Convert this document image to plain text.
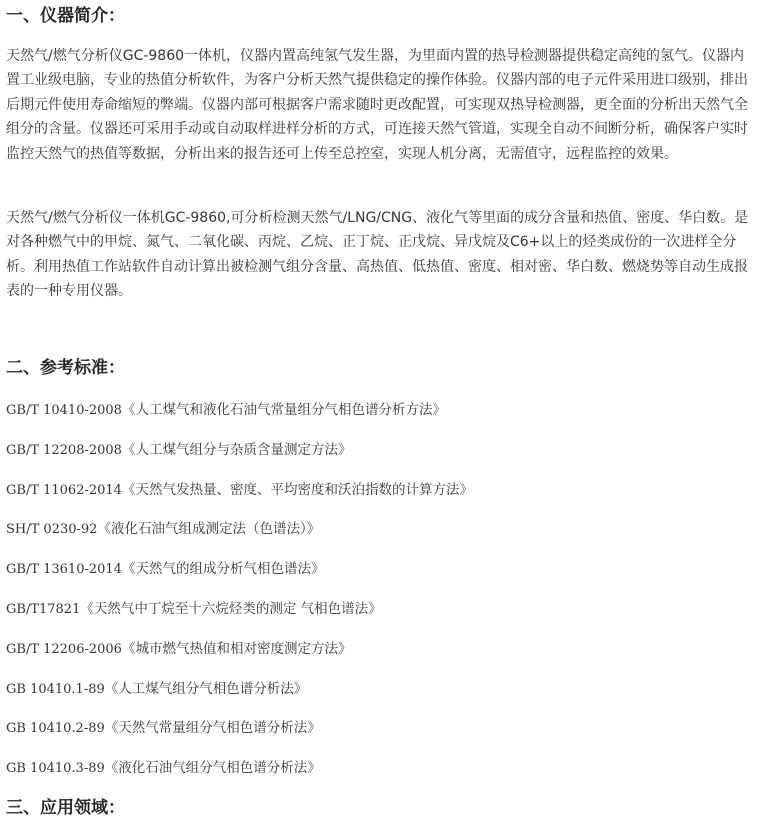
一、仪器简介：

天然气/燃气分析仪GC-9860一体机，仪器内置高纯氢气发生器，为里面内置的热导检测器提供稳定高纯的氢气。仪器内置工业级电脑，专业的热值分析软件，为客户分析天然气提供稳定的操作体验。仪器内部的电子元件采用进口级别，排出后期元件使用寿命缩短的弊端。仪器内部可根据客户需求随时更改配置，可实现双热导检测器，更全面的分析出天然气全组分的含量。仪器还可采用手动或自动取样进样分析的方式，可连接天然气管道，实现全自动不间断分析，确保客户实时监控天然气的热值等数据，分析出来的报告还可上传至总控室，实现人机分离，无需值守，远程监控的效果。

天然气/燃气分析仪一体机GC-9860,可分析检测天然气/LNG/CNG、液化气等里面的成分含量和热值、密度、华白数。是对各种燃气中的甲烷、氮气、二氧化碳、丙烷、乙烷、正丁烷、正戊烷、异戊烷及C6+以上的烃类成份的一次进样全分析。利用热值工作站软件自动计算出被检测气组分含量、高热值、低热值、密度、相对密、华白数、燃烧势等自动生成报表的一种专用仪器。

二、参考标准：
GB/T 10410-2008《人工煤气和液化石油气常量组分气相色谱分析方法》
GB/T 12208-2008《人工煤气组分与杂质含量测定方法》
GB/T 11062-2014《天然气发热量、密度、平均密度和沃泊指数的计算方法》
SH/T 0230-92《液化石油气组成测定法（色谱法）》
GB/T 13610-2014《天然气的组成分析气相色谱法》
GB/T17821《天然气中丁烷至十六烷烃类的测定 气相色谱法》
GB/T 12206-2006《城市燃气热值和相对密度测定方法》
GB 10410.1-89《人工煤气组分气相色谱分析法》
GB 10410.2-89《天然气常量组分气相色谱分析法》
GB 10410.3-89《液化石油气组分气相色谱分析法》
三、应用领域：
